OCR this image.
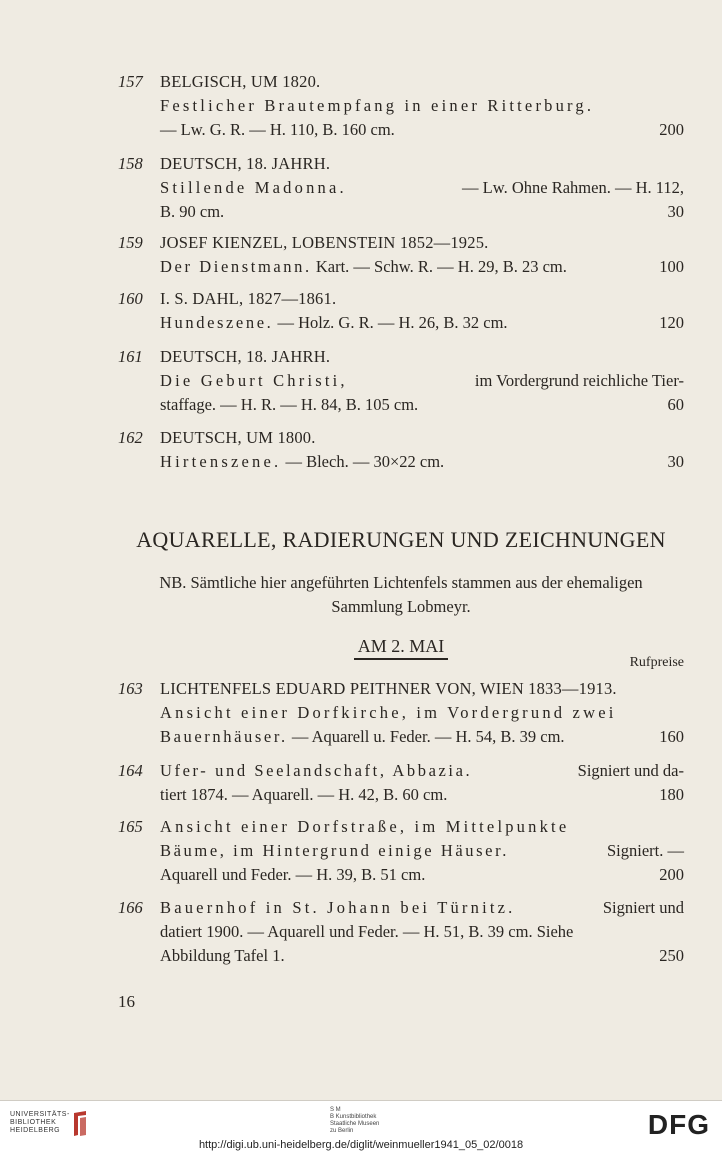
157	BELGISCH, UM 1820.
Festlicher Brautempfang in einer Ritterburg.
— Lw. G. R. — H. 110, B. 160 cm.	200
158	DEUTSCH, 18. JAHRH.
Stillende Madonna.	— Lw. Ohne Rahmen. — H. 112,
B. 90 cm.	30
159	JOSEF KIENZEL, LOBENSTEIN 1852—1925.
Der Dienstmann. Kart. — Schw. R. — H. 29, B. 23 cm.	100
160	I. S. DAHL, 1827—1861.
Hundeszene. — Holz. G. R. — H. 26, B. 32 cm.	120
161	DEUTSCH, 18. JAHRH.
Die Geburt Christi,	im Vordergrund reichliche Tier-
staffage. — H. R. — H. 84, B. 105 cm.	60
162	DEUTSCH, UM 1800.
Hirtenszene. — Blech. — 30×22 cm.	30
AQUARELLE, RADIERUNGEN UND ZEICHNUNGEN
NB. Sämtliche hier angeführten Lichtenfels stammen aus der ehemaligen
Sammlung Lobmeyr.
AM 2. MAI
Rufpreise
163	LICHTENFELS EDUARD PEITHNER VON, WIEN 1833—1913.
Ansicht einer Dorfkirche, im Vordergrund zwei
Bauernhäuser. — Aquarell u. Feder. — H. 54, B. 39 cm.	160
164	Ufer- und Seelandschaft, Abbazia.	Signiert und da-
tiert 1874. — Aquarell. — H. 42, B. 60 cm.	180
165	Ansicht einer Dorfstraße, im Mittelpunkte
Bäume, im Hintergrund einige Häuser.	Signiert. —
Aquarell und Feder. — H. 39, B. 51 cm.	200
166	Bauernhof in St. Johann bei Türnitz.	Signiert und
datiert 1900. — Aquarell und Feder. — H. 51, B. 39 cm. Siehe
Abbildung Tafel 1.	250
16
UNIVERSITÄTS-
BIBLIOTHEK
HEIDELBERG
S M
B Kunstbibliothek
Staatliche Museen
zu Berlin	DFG
http://digi.ub.uni-heidelberg.de/diglit/weinmueller1941_05_02/0018
